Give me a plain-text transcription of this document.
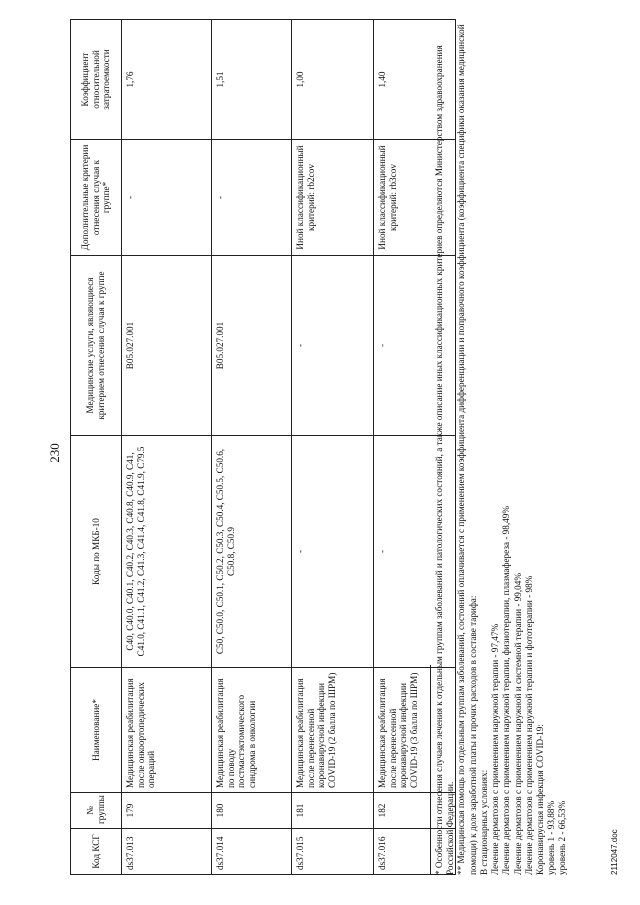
230
Код КСГ	№ группы	Наименование*	Коды по МКБ-10	Медицинские услуги, являющиеся критерием отнесения случая к группе	Дополнительные критерии отнесения случая к группе*	Коэффициент относительной затратоемкости
ds37.013	179	Медицинская реабилитация после онкоортопедических операций	С40, С40.0, С40.1, С40.2, С40.3, С40.8, С40.9, С41, С41.0, С41.1, С41.2, С41.3, С41.4, С41.8, С41.9, С79.5	В05.027.001	-	1,76
ds37.014	180	Медицинская реабилитация по поводу постмастэктомического синдрома в онкологии	С50, С50.0, С50.1, С50.2, С50.3, С50.4, С50.5, С50.6, С50.8, С50.9	В05.027.001	-	1,51
ds37.015	181	Медицинская реабилитация после перенесенной коронавирусной инфекции COVID-19 (2 балла по ШРМ)	-	-	Иной классификационный критерий: rb2cov	1,00
ds37.016	182	Медицинская реабилитация после перенесенной коронавирусной инфекции COVID-19 (3 балла по ШРМ)	-	-	Иной классификационный критерий: rb3cov	1,40	* Особенности отнесения случаев лечения к отдельным группам заболеваний и патологических состояний, а также описание иных классификационных критериев определяются Министерством здравоохранения Российской Федерации. ** Медицинская помощь по отдельным группам заболеваний, состояний оплачивается с применением коэффициента дифференциации и поправочного коэффициента (коэффициента специфики оказания медицинской помощи) к доле заработной платы и прочих расходов в составе тарифа: В стационарных условиях: Лечение дерматозов с применением наружной терапии - 97,47% Лечение дерматозов с применением наружной терапии, физиотерапии, плазмафереза - 98,49% Лечение дерматозов с применением наружной и системной терапии - 99,04% Лечение дерматозов с применением наружной терапии и фототерапии - 98% Коронавирусная инфекция COVID-19: уровень 1 - 93,88% уровень 2 - 66,53%	2112047.doc
